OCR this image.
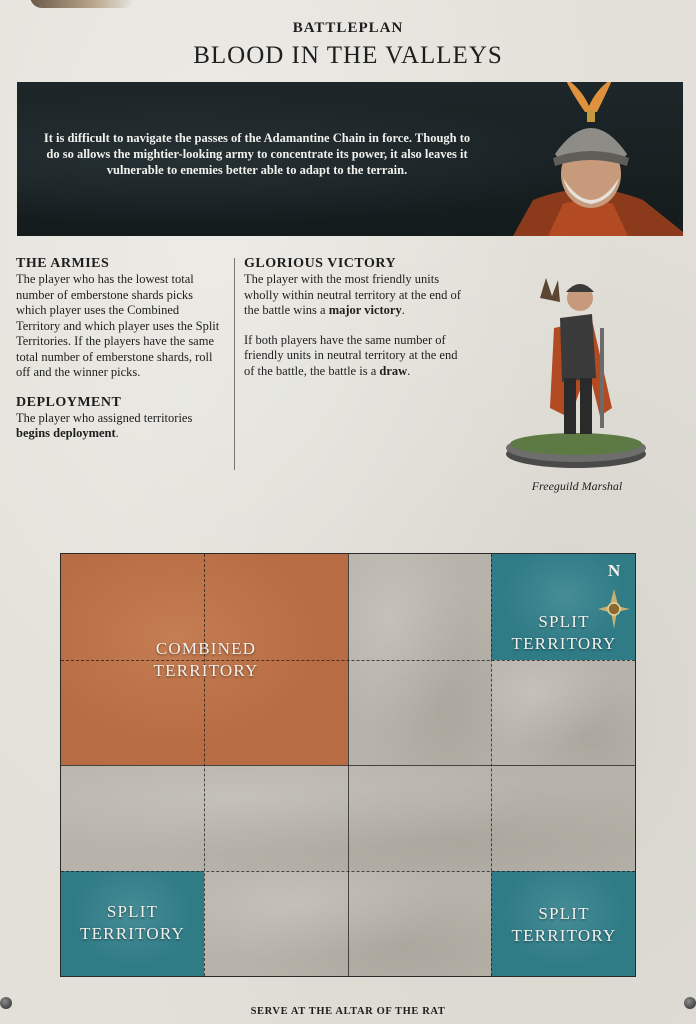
BATTLEPLAN
BLOOD IN THE VALLEYS
It is difficult to navigate the passes of the Adamantine Chain in force. Though to do so allows the mightier-looking army to concentrate its power, it also leaves it vulnerable to enemies better able to adapt to the terrain.
THE ARMIES

The player who has the lowest total number of emberstone shards picks which player uses the Combined Territory and which player uses the Split Territories. If the players have the same total number of emberstone shards, roll off and the winner picks.

DEPLOYMENT

The player who assigned territories begins deployment.

GLORIOUS VICTORY

The player with the most friendly units wholly within neutral territory at the end of the battle wins a major victory.

If both players have the same number of friendly units in neutral territory at the end of the battle, the battle is a draw.

Freeguild Marshal
COMBINED
TERRITORY
SPLIT
TERRITORY
SPLIT
TERRITORY
SPLIT
TERRITORY
N
SERVE AT THE ALTAR OF THE RAT
